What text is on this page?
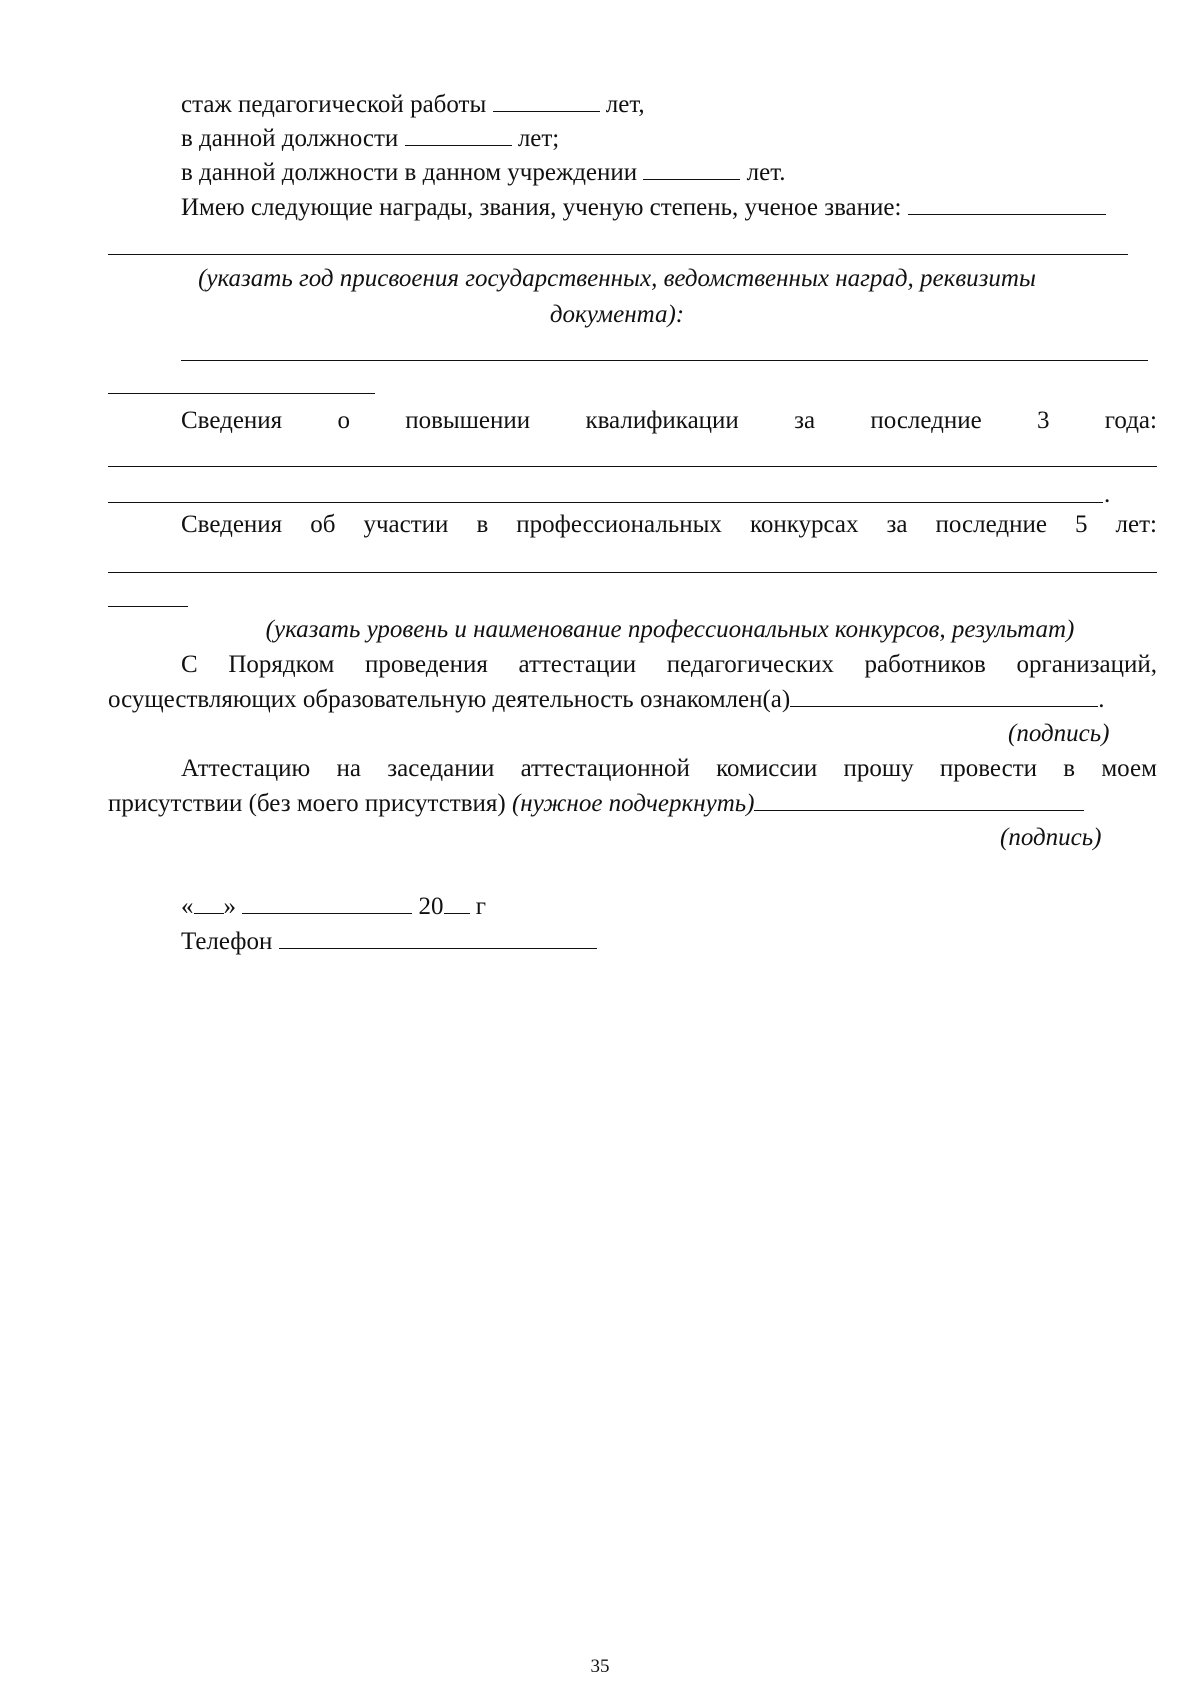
стаж педагогической работы	лет,
в данной должности	лет;
в данной должности в данном учреждении	лет.
Имею следующие награды, звания, ученую степень, ученое звание:
(указать год присвоения государственных, ведомственных наград, реквизиты
документа):
Сведения о повышении квалификации за последние 3 года:
.
Сведения об участии в профессиональных конкурсах за последние 5 лет:
(указать уровень и наименование профессиональных конкурсов, результат)
С Порядком проведения аттестации педагогических работников организаций,
осуществляющих образовательную деятельность ознакомлен(а)	.
(подпись)
Аттестацию на заседании аттестационной комиссии прошу провести в моем
присутствии (без моего присутствия) (нужное подчеркнуть)
(подпись)
« »	20 г
Телефон
35
